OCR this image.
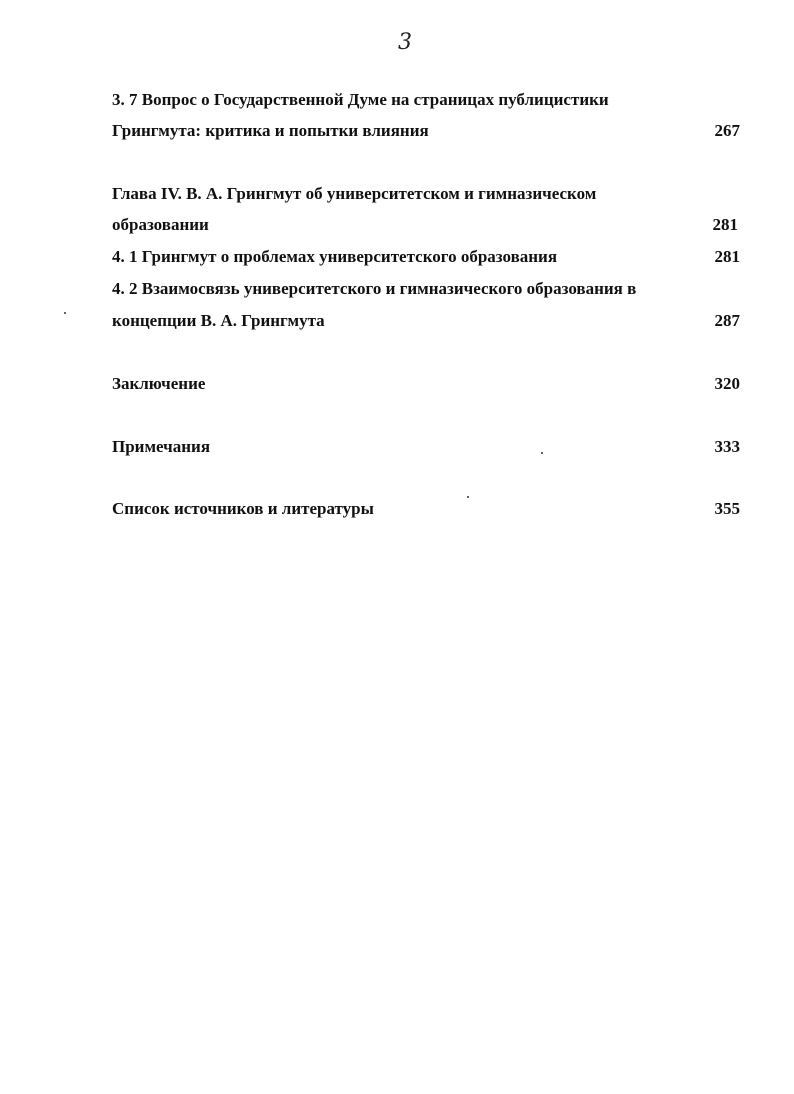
3
3. 7 Вопрос о Государственной Думе на страницах публицистики
Грингмута: критика и попытки влияния	267
Глава IV. В. А. Грингмут об университетском и гимназическом
образовании	281
4. 1 Грингмут о проблемах университетского образования	281
4. 2 Взаимосвязь университетского и гимназического образования в
концепции В. А. Грингмута	287
Заключение	320
Примечания	333
Список источников и литературы	355
